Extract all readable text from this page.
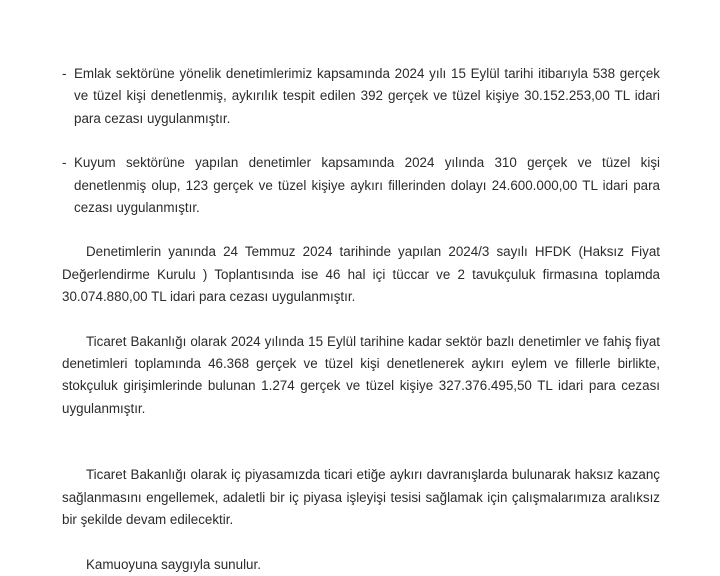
- Emlak sektörüne yönelik denetimlerimiz kapsamında 2024 yılı 15 Eylül tarihi itibarıyla 538 gerçek ve tüzel kişi denetlenmiş, aykırılık tespit edilen 392 gerçek ve tüzel kişiye 30.152.253,00 TL idari para cezası uygulanmıştır.
- Kuyum sektörüne yapılan denetimler kapsamında 2024 yılında 310 gerçek ve tüzel kişi denetlenmiş olup, 123 gerçek ve tüzel kişiye aykırı fillerinden dolayı 24.600.000,00 TL idari para cezası uygulanmıştır.

Denetimlerin yanında 24 Temmuz 2024 tarihinde yapılan 2024/3 sayılı HFDK (Haksız Fiyat Değerlendirme Kurulu ) Toplantısında ise 46 hal içi tüccar ve 2 tavukçuluk firmasına toplamda 30.074.880,00 TL idari para cezası uygulanmıştır.

Ticaret Bakanlığı olarak 2024 yılında 15 Eylül tarihine kadar sektör bazlı denetimler ve fahiş fiyat denetimleri toplamında 46.368 gerçek ve tüzel kişi denetlenerek aykırı eylem ve fillerle birlikte, stokçuluk girişimlerinde bulunan 1.274 gerçek ve tüzel kişiye 327.376.495,50 TL idari para cezası uygulanmıştır.

Ticaret Bakanlığı olarak iç piyasamızda ticari etiğe aykırı davranışlarda bulunarak haksız kazanç sağlanmasını engellemek, adaletli bir iç piyasa işleyişi tesisi sağlamak için çalışmalarımıza aralıksız bir şekilde devam edilecektir.

Kamuoyuna saygıyla sunulur.
